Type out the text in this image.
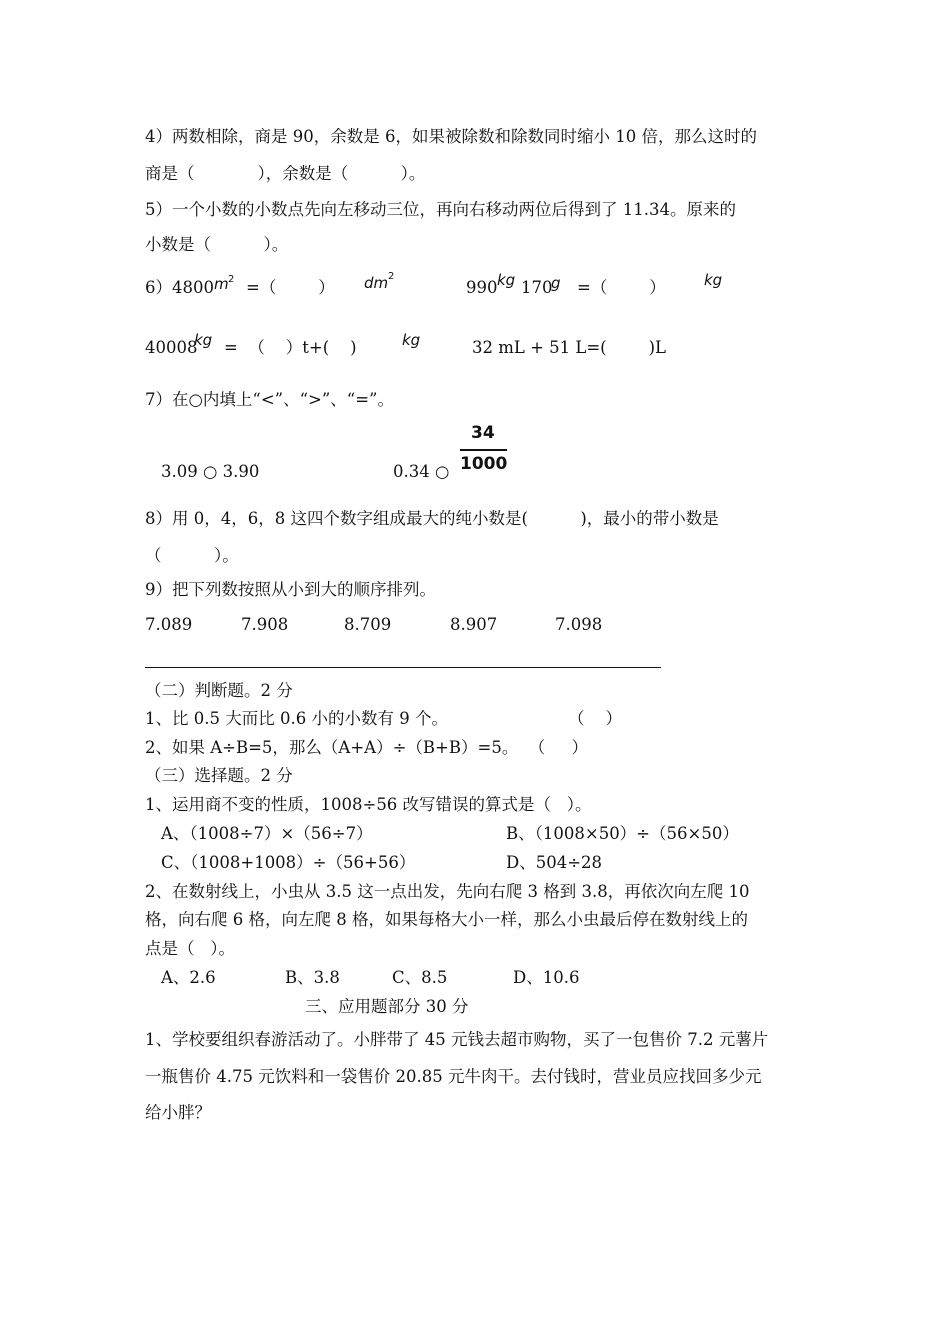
4）两数相除，商是 90，余数是 6，如果被除数和除数同时缩小 10 倍，那么这时的
商是（            ），余数是（          ）。
5）一个小数的小数点先向左移动三位，再向右移动两位后得到了 11.34。原来的
小数是（          ）。
6）4800 m 2 =（        ） dm 2
990 kg 170
g =（        ）	kg
40008
kg =  （    ）t+(    )	kg	32 mL + 51 L=(        )L
7）在○内填上“<”、“>”、“=”。
3.09 ○ 3.90	0.34 ○
34
1000
8）用 0，4，6，8 这四个数字组成最大的纯小数是(          )，最小的带小数是
（          ）。
9）把下列数按照从小到大的顺序排列。
7.089	7.908	8.709	8.907	7.098
（二）判断题。2 分
1、比 0.5 大而比 0.6 小的小数有 9 个。	（    ）
2、如果 A÷B=5，那么（A+A）÷（B+B）=5。  （     ）
（三）选择题。2 分
1、运用商不变的性质，1008÷56 改写错误的算式是（   ）。
A、（1008÷7）×（56÷7）	B、（1008×50）÷（56×50）
C、（1008+1008）÷（56+56）	D、504÷28
2、在数射线上，小虫从 3.5 这一点出发，先向右爬 3 格到 3.8，再依次向左爬 10
格，向右爬 6 格，向左爬 8 格，如果每格大小一样，那么小虫最后停在数射线上的
点是（   ）。
A、2.6	B、3.8	C、8.5	D、10.6
三、应用题部分 30 分
1、学校要组织春游活动了。小胖带了 45 元钱去超市购物，买了一包售价 7.2 元薯片
一瓶售价 4.75 元饮料和一袋售价 20.85 元牛肉干。去付钱时，营业员应找回多少元
给小胖？
